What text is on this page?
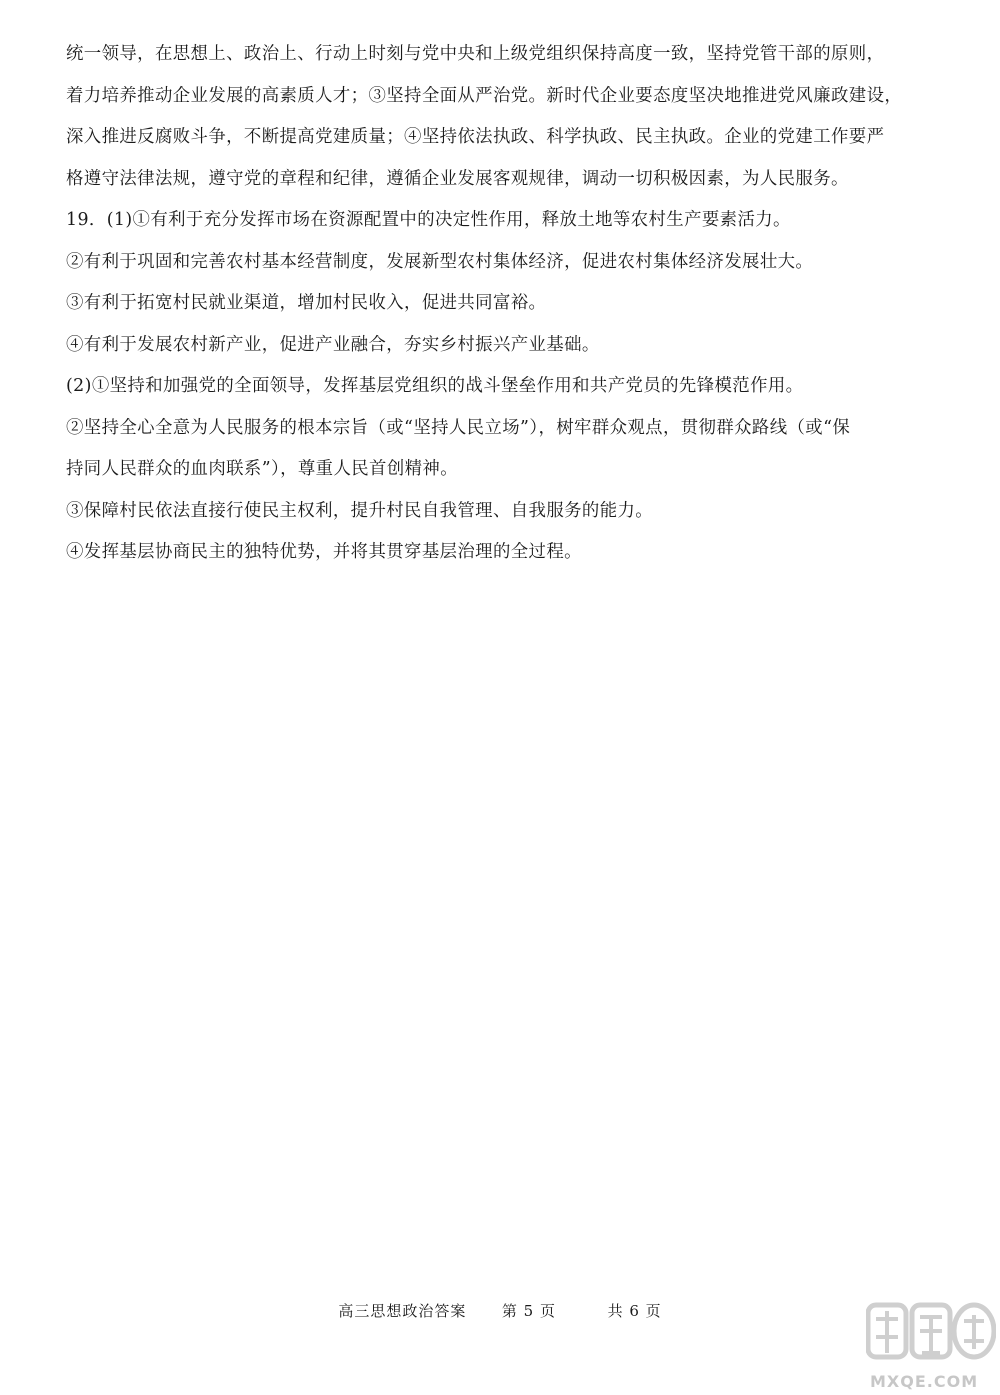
统一领导，在思想上、政治上、行动上时刻与党中央和上级党组织保持高度一致，坚持党管干部的原则，
着力培养推动企业发展的高素质人才；③坚持全面从严治党。新时代企业要态度坚决地推进党风廉政建设，
深入推进反腐败斗争，不断提高党建质量；④坚持依法执政、科学执政、民主执政。企业的党建工作要严
格遵守法律法规，遵守党的章程和纪律，遵循企业发展客观规律，调动一切积极因素，为人民服务。

19．(1)①有利于充分发挥市场在资源配置中的决定性作用，释放土地等农村生产要素活力。

②有利于巩固和完善农村基本经营制度，发展新型农村集体经济，促进农村集体经济发展壮大。

③有利于拓宽村民就业渠道，增加村民收入，促进共同富裕。

④有利于发展农村新产业，促进产业融合，夯实乡村振兴产业基础。

(2)①坚持和加强党的全面领导，发挥基层党组织的战斗堡垒作用和共产党员的先锋模范作用。

②坚持全心全意为人民服务的根本宗旨（或“坚持人民立场”），树牢群众观点，贯彻群众路线（或“保
持同人民群众的血肉联系”），尊重人民首创精神。

③保障村民依法直接行使民主权利，提升村民自我管理、自我服务的能力。

④发挥基层协商民主的独特优势，并将其贯穿基层治理的全过程。

高三思想政治答案 第 5 页	共 6 页
MXQE.COM
